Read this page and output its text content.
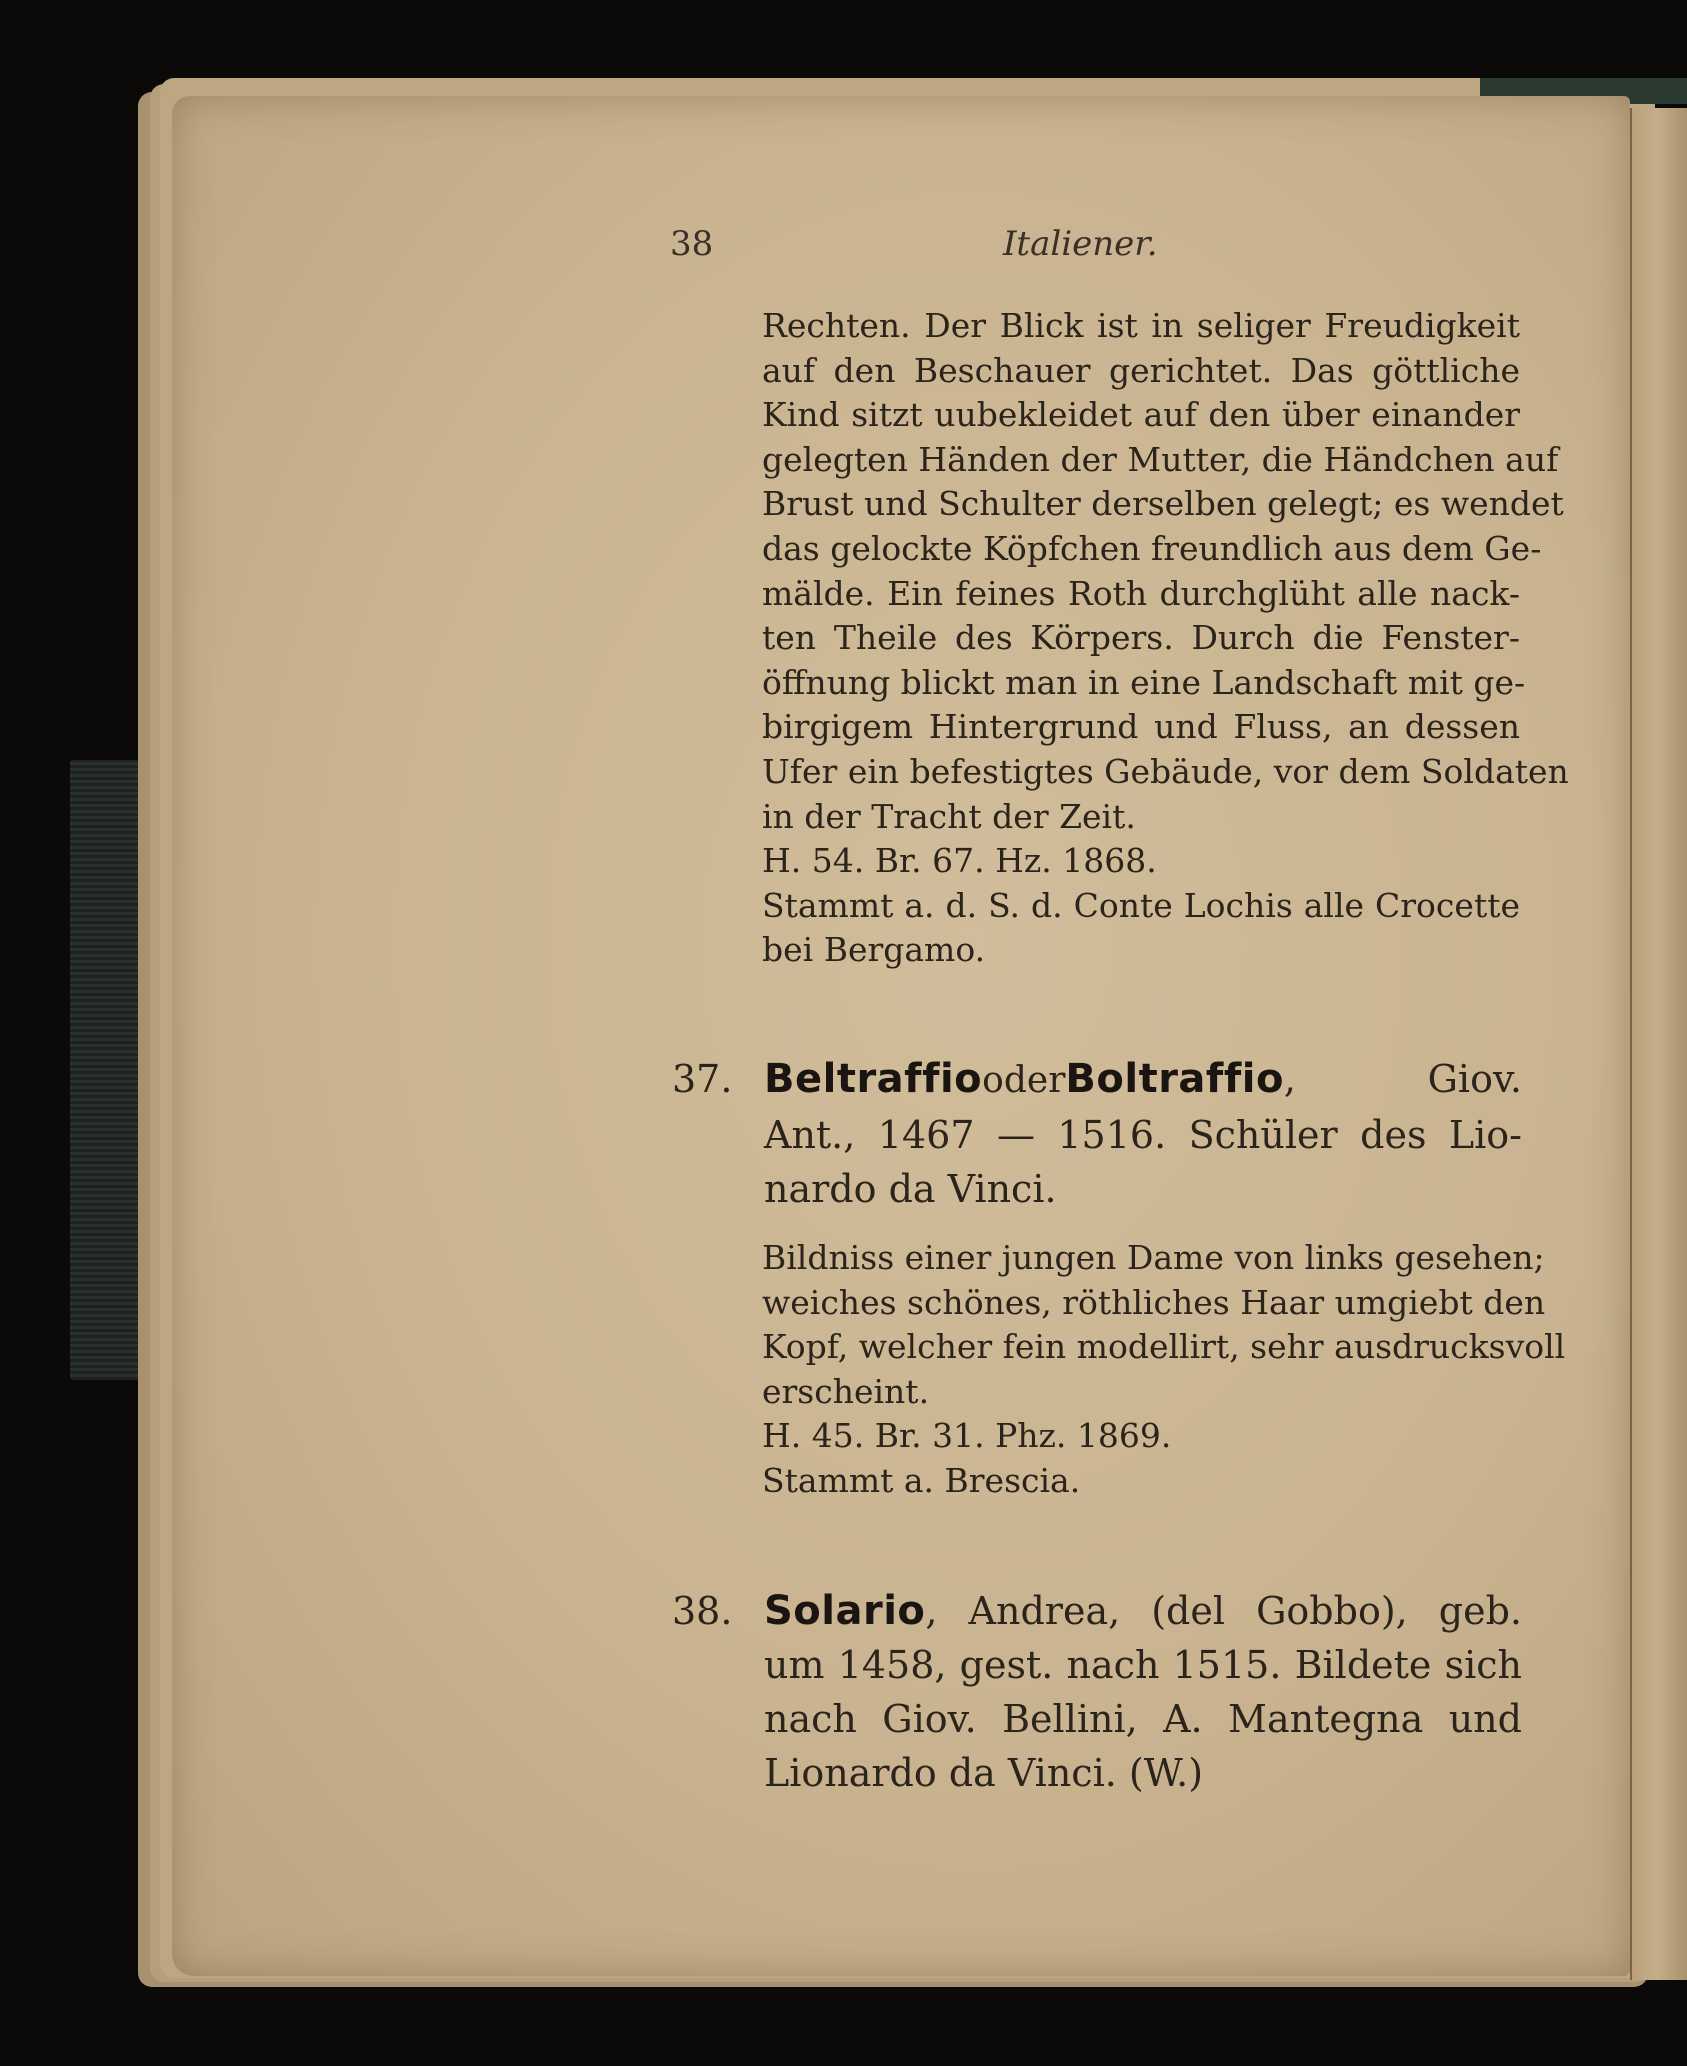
38	Italiener.
Rechten. Der Blick ist in seliger Freudigkeit
auf den Beschauer gerichtet. Das göttliche
Kind sitzt uubekleidet auf den über einander
gelegten Händen der Mutter, die Händchen auf
Brust und Schulter derselben gelegt; es wendet
das gelockte Köpfchen freundlich aus dem Ge-
mälde. Ein feines Roth durchglüht alle nack-
ten Theile des Körpers. Durch die Fenster-
öffnung blickt man in eine Landschaft mit ge-
birgigem Hintergrund und Fluss, an dessen
Ufer ein befestigtes Gebäude, vor dem Soldaten
in der Tracht der Zeit.
H. 54. Br. 67. Hz. 1868.
Stammt a. d. S. d. Conte Lochis alle Crocette
bei Bergamo.
37. BeltraffiooderBoltraffio, Giov.
Ant., 1467 — 1516. Schüler des Lio-
nardo da Vinci.
Bildniss einer jungen Dame von links gesehen;
weiches schönes, röthliches Haar umgiebt den
Kopf, welcher fein modellirt, sehr ausdrucksvoll
erscheint.
H. 45. Br. 31. Phz. 1869.
Stammt a. Brescia.
38. Solario, Andrea, (del Gobbo), geb.
um 1458, gest. nach 1515. Bildete sich
nach Giov. Bellini, A. Mantegna und
Lionardo da Vinci. (W.)
